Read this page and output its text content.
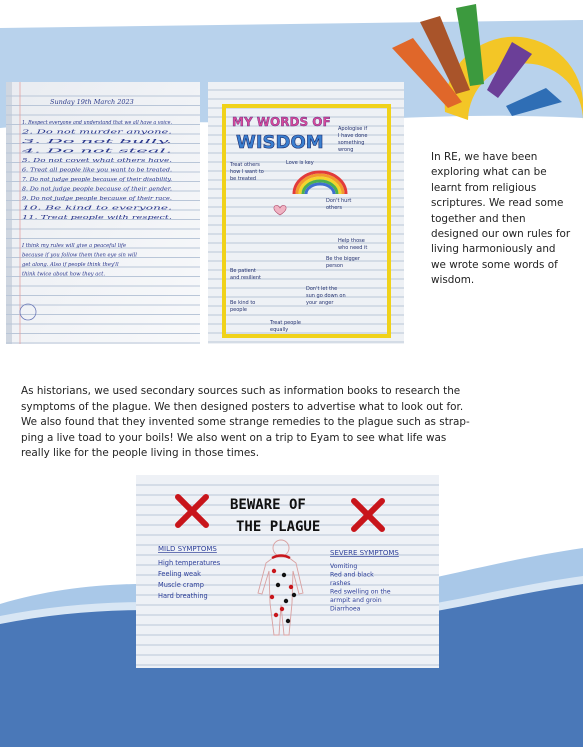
Sunday 19th March 2023
1. Respect everyone and understand that we all have a voice.
2. Do not murder anyone.
3. Do not bully.
4. Do not steal.
5. Do not covet what others have.
6. Treat all people like you want to be treated.
7. Do not judge people because of their disability.
8. Do not judge people because of their gender.
9. Do not judge people because of their race.
10. Be kind to everyone.
11. Treat people with respect.
I think my rules will give a peaceful life
because if you follow them then eye sin will
get along. Also if people think they'll
think twice about how they act.
MY WORDS OF
WISDOM
Apologise if
I have done
something
wrong
Treat others
how I want to
be treated
Love is key
Be the bigger
person
Be patient
and resilient
Don't hurt
others
Be kind to
people
Treat people
equally
Help those
who need it
Don't let the
sun go down on
your anger
In RE, we have been exploring what can be learnt from religious scriptures. We read some together and then designed our own rules for living harmoniously and we wrote some words of wisdom.
As historians, we used secondary sources such as information books to research the symptoms of the plague. We then designed posters to advertise what to look out for. We also found that they invented some strange remedies to the plague such as strap-ping a live toad to your boils! We also went on a trip to Eyam to see what life was really like for the people living in those times.
BEWARE OF
THE PLAGUE
MILD SYMPTOMS	SEVERE SYMPTOMS
High temperatures
Feeling weak
Muscle cramp
Hard breathing
Vomiting
Red and black
rashes
Red swelling on the
armpit and groin
Diarrhoea
